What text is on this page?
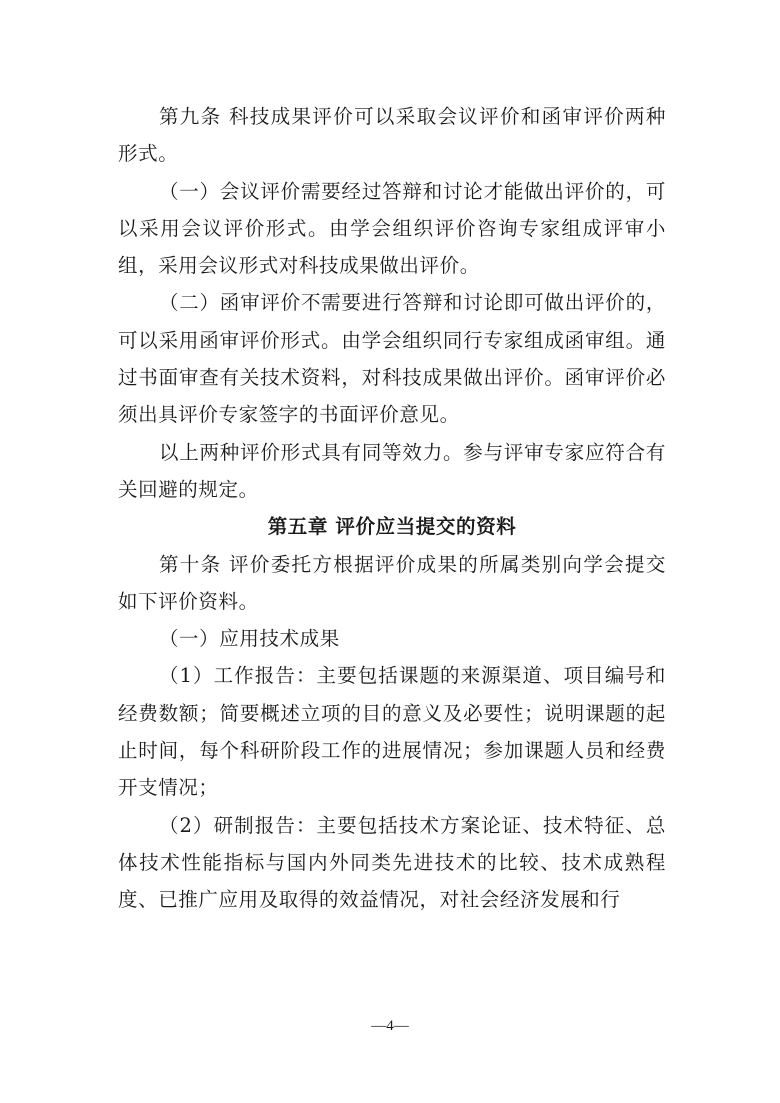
第九条 科技成果评价可以采取会议评价和函审评价两种形式。

（一）会议评价需要经过答辩和讨论才能做出评价的，可以采用会议评价形式。由学会组织评价咨询专家组成评审小组，采用会议形式对科技成果做出评价。

（二）函审评价不需要进行答辩和讨论即可做出评价的，可以采用函审评价形式。由学会组织同行专家组成函审组。通过书面审查有关技术资料，对科技成果做出评价。函审评价必须出具评价专家签字的书面评价意见。

以上两种评价形式具有同等效力。参与评审专家应符合有关回避的规定。

第五章 评价应当提交的资料

第十条 评价委托方根据评价成果的所属类别向学会提交如下评价资料。

（一）应用技术成果

（1）工作报告：主要包括课题的来源渠道、项目编号和经费数额；简要概述立项的目的意义及必要性；说明课题的起止时间，每个科研阶段工作的进展情况；参加课题人员和经费开支情况；

（2）研制报告：主要包括技术方案论证、技术特征、总体技术性能指标与国内外同类先进技术的比较、技术成熟程度、已推广应用及取得的效益情况，对社会经济发展和行

—4—
